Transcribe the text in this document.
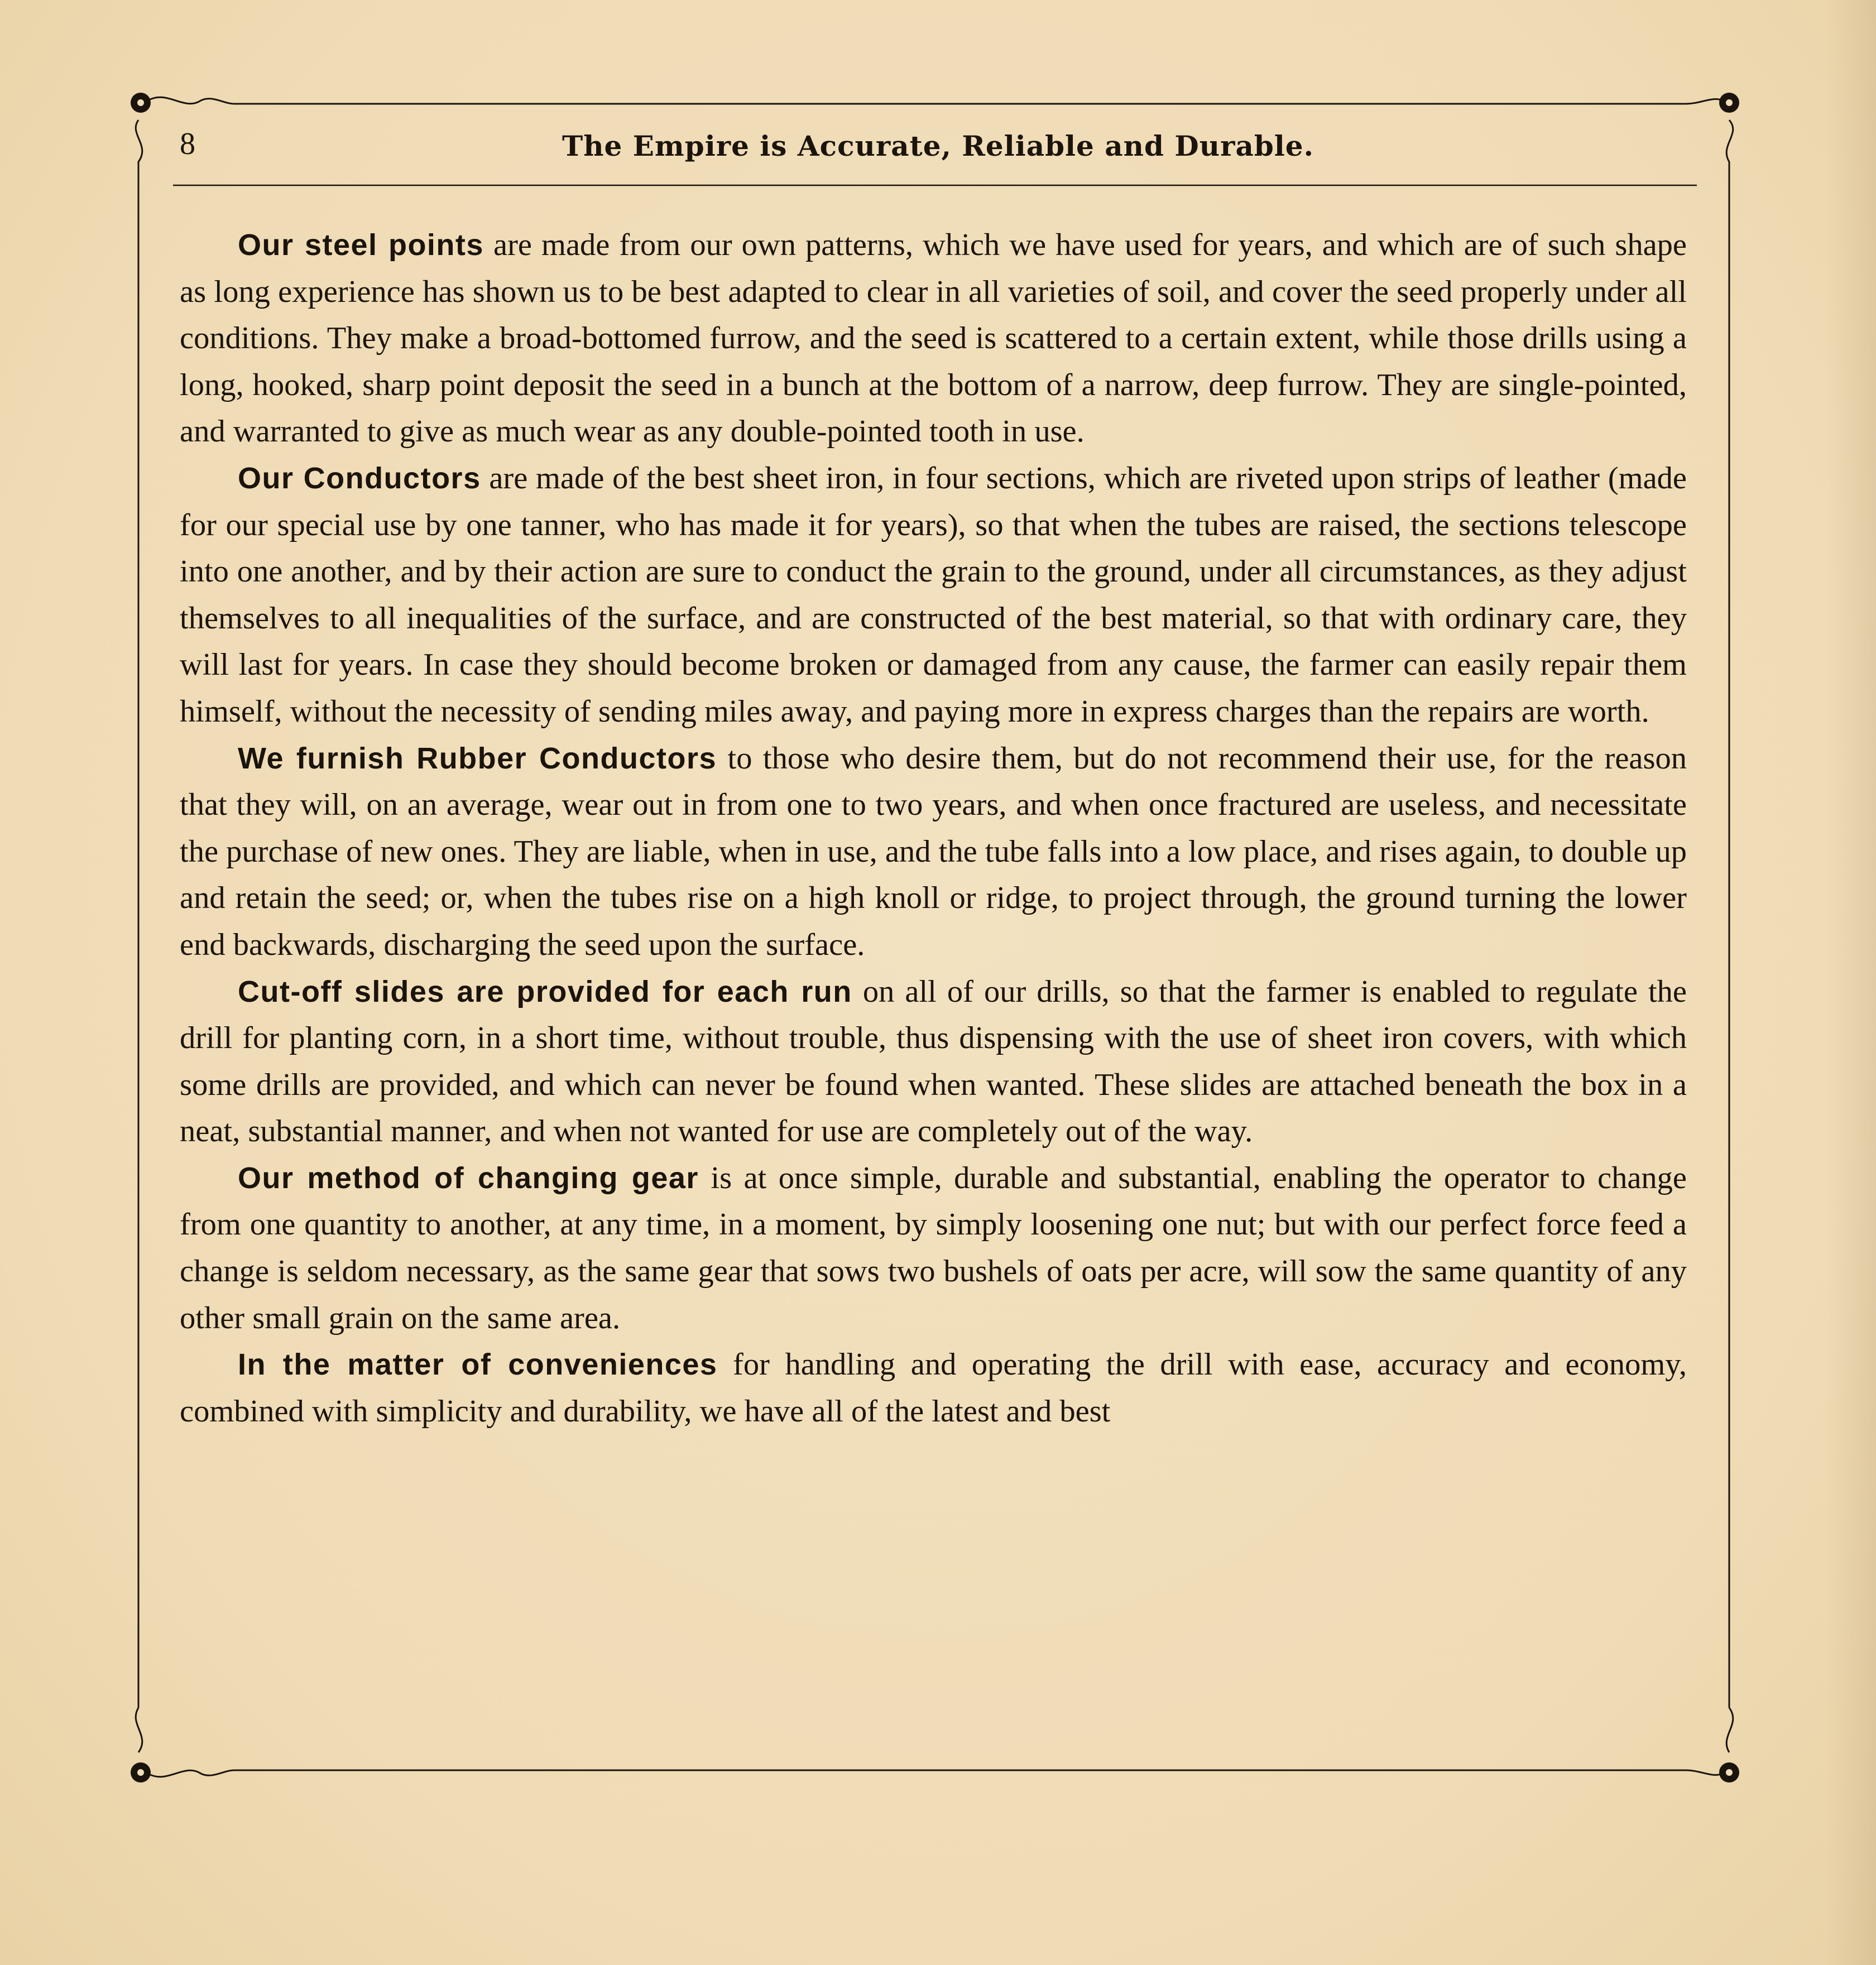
8	The Empire is Accurate, Reliable and Durable.

Our steel points are made from our own patterns, which we have used for years, and which are of such shape as long experience has shown us to be best adapted to clear in all varieties of soil, and cover the seed properly under all conditions. They make a broad-bottomed furrow, and the seed is scattered to a certain extent, while those drills using a long, hooked, sharp point deposit the seed in a bunch at the bottom of a narrow, deep furrow. They are single-pointed, and warranted to give as much wear as any double-pointed tooth in use.

Our Conductors are made of the best sheet iron, in four sections, which are riveted upon strips of leather (made for our special use by one tanner, who has made it for years), so that when the tubes are raised, the sections telescope into one another, and by their action are sure to conduct the grain to the ground, under all circumstances, as they adjust themselves to all inequalities of the surface, and are constructed of the best material, so that with ordinary care, they will last for years. In case they should become broken or damaged from any cause, the farmer can easily repair them himself, without the necessity of sending miles away, and paying more in express charges than the repairs are worth.

We furnish Rubber Conductors to those who desire them, but do not recommend their use, for the reason that they will, on an average, wear out in from one to two years, and when once fractured are useless, and necessitate the purchase of new ones. They are liable, when in use, and the tube falls into a low place, and rises again, to double up and retain the seed; or, when the tubes rise on a high knoll or ridge, to project through, the ground turning the lower end backwards, discharging the seed upon the surface.

Cut-off slides are provided for each run on all of our drills, so that the farmer is enabled to regulate the drill for planting corn, in a short time, without trouble, thus dispensing with the use of sheet iron covers, with which some drills are provided, and which can never be found when wanted. These slides are attached beneath the box in a neat, substantial manner, and when not wanted for use are completely out of the way.

Our method of changing gear is at once simple, durable and substantial, enabling the operator to change from one quantity to another, at any time, in a moment, by simply loosening one nut; but with our perfect force feed a change is seldom necessary, as the same gear that sows two bushels of oats per acre, will sow the same quantity of any other small grain on the same area.

In the matter of conveniences for handling and operating the drill with ease, accuracy and economy, combined with simplicity and durability, we have all of the latest and best
